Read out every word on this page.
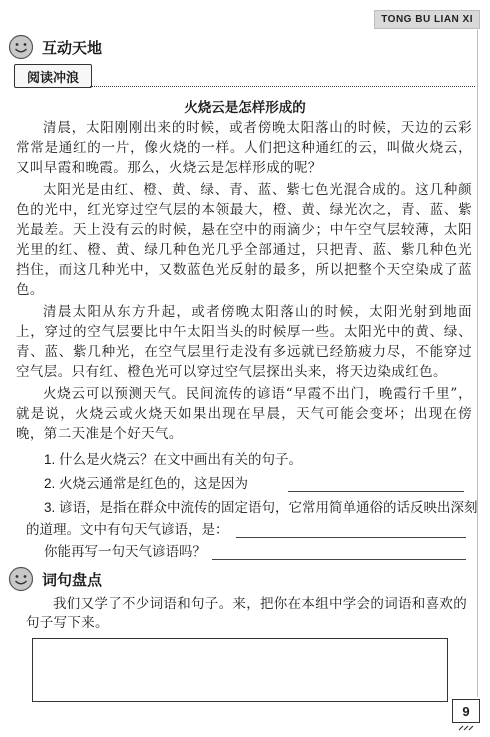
TONG BU LIAN XI
互动天地
阅读冲浪
火烧云是怎样形成的

清晨，太阳刚刚出来的时候，或者傍晚太阳落山的时候，天边的云彩常常是通红的一片，像火烧的一样。人们把这种通红的云，叫做火烧云，又叫早霞和晚霞。那么，火烧云是怎样形成的呢？

太阳光是由红、橙、黄、绿、青、蓝、紫七色光混合成的。这几种颜色的光中，红光穿过空气层的本领最大，橙、黄、绿光次之，青、蓝、紫光最差。天上没有云的时候，悬在空中的雨滴少；中午空气层较薄，太阳光里的红、橙、黄、绿几种色光几乎全部通过，只把青、蓝、紫几种色光挡住，而这几种光中，又数蓝色光反射的最多，所以把整个天空染成了蓝色。

清晨太阳从东方升起，或者傍晚太阳落山的时候，太阳光射到地面上，穿过的空气层要比中午太阳当头的时候厚一些。太阳光中的黄、绿、青、蓝、紫几种光，在空气层里行走没有多远就已经筋疲力尽，不能穿过空气层。只有红、橙色光可以穿过空气层探出头来，将天边染成红色。

火烧云可以预测天气。民间流传的谚语“早霞不出门，晚霞行千里”，就是说，火烧云或火烧天如果出现在早晨，天气可能会变坏；出现在傍晚，第二天准是个好天气。

1. 什么是火烧云？在文中画出有关的句子。

2. 火烧云通常是红色的，这是因为

3. 谚语，是指在群众中流传的固定语句，它常用简单通俗的话反映出深刻

的道理。文中有句天气谚语，是：

你能再写一句天气谚语吗？

词句盘点

我们又学了不少词语和句子。来，把你在本组中学会的词语和喜欢的句子写下来。

9
